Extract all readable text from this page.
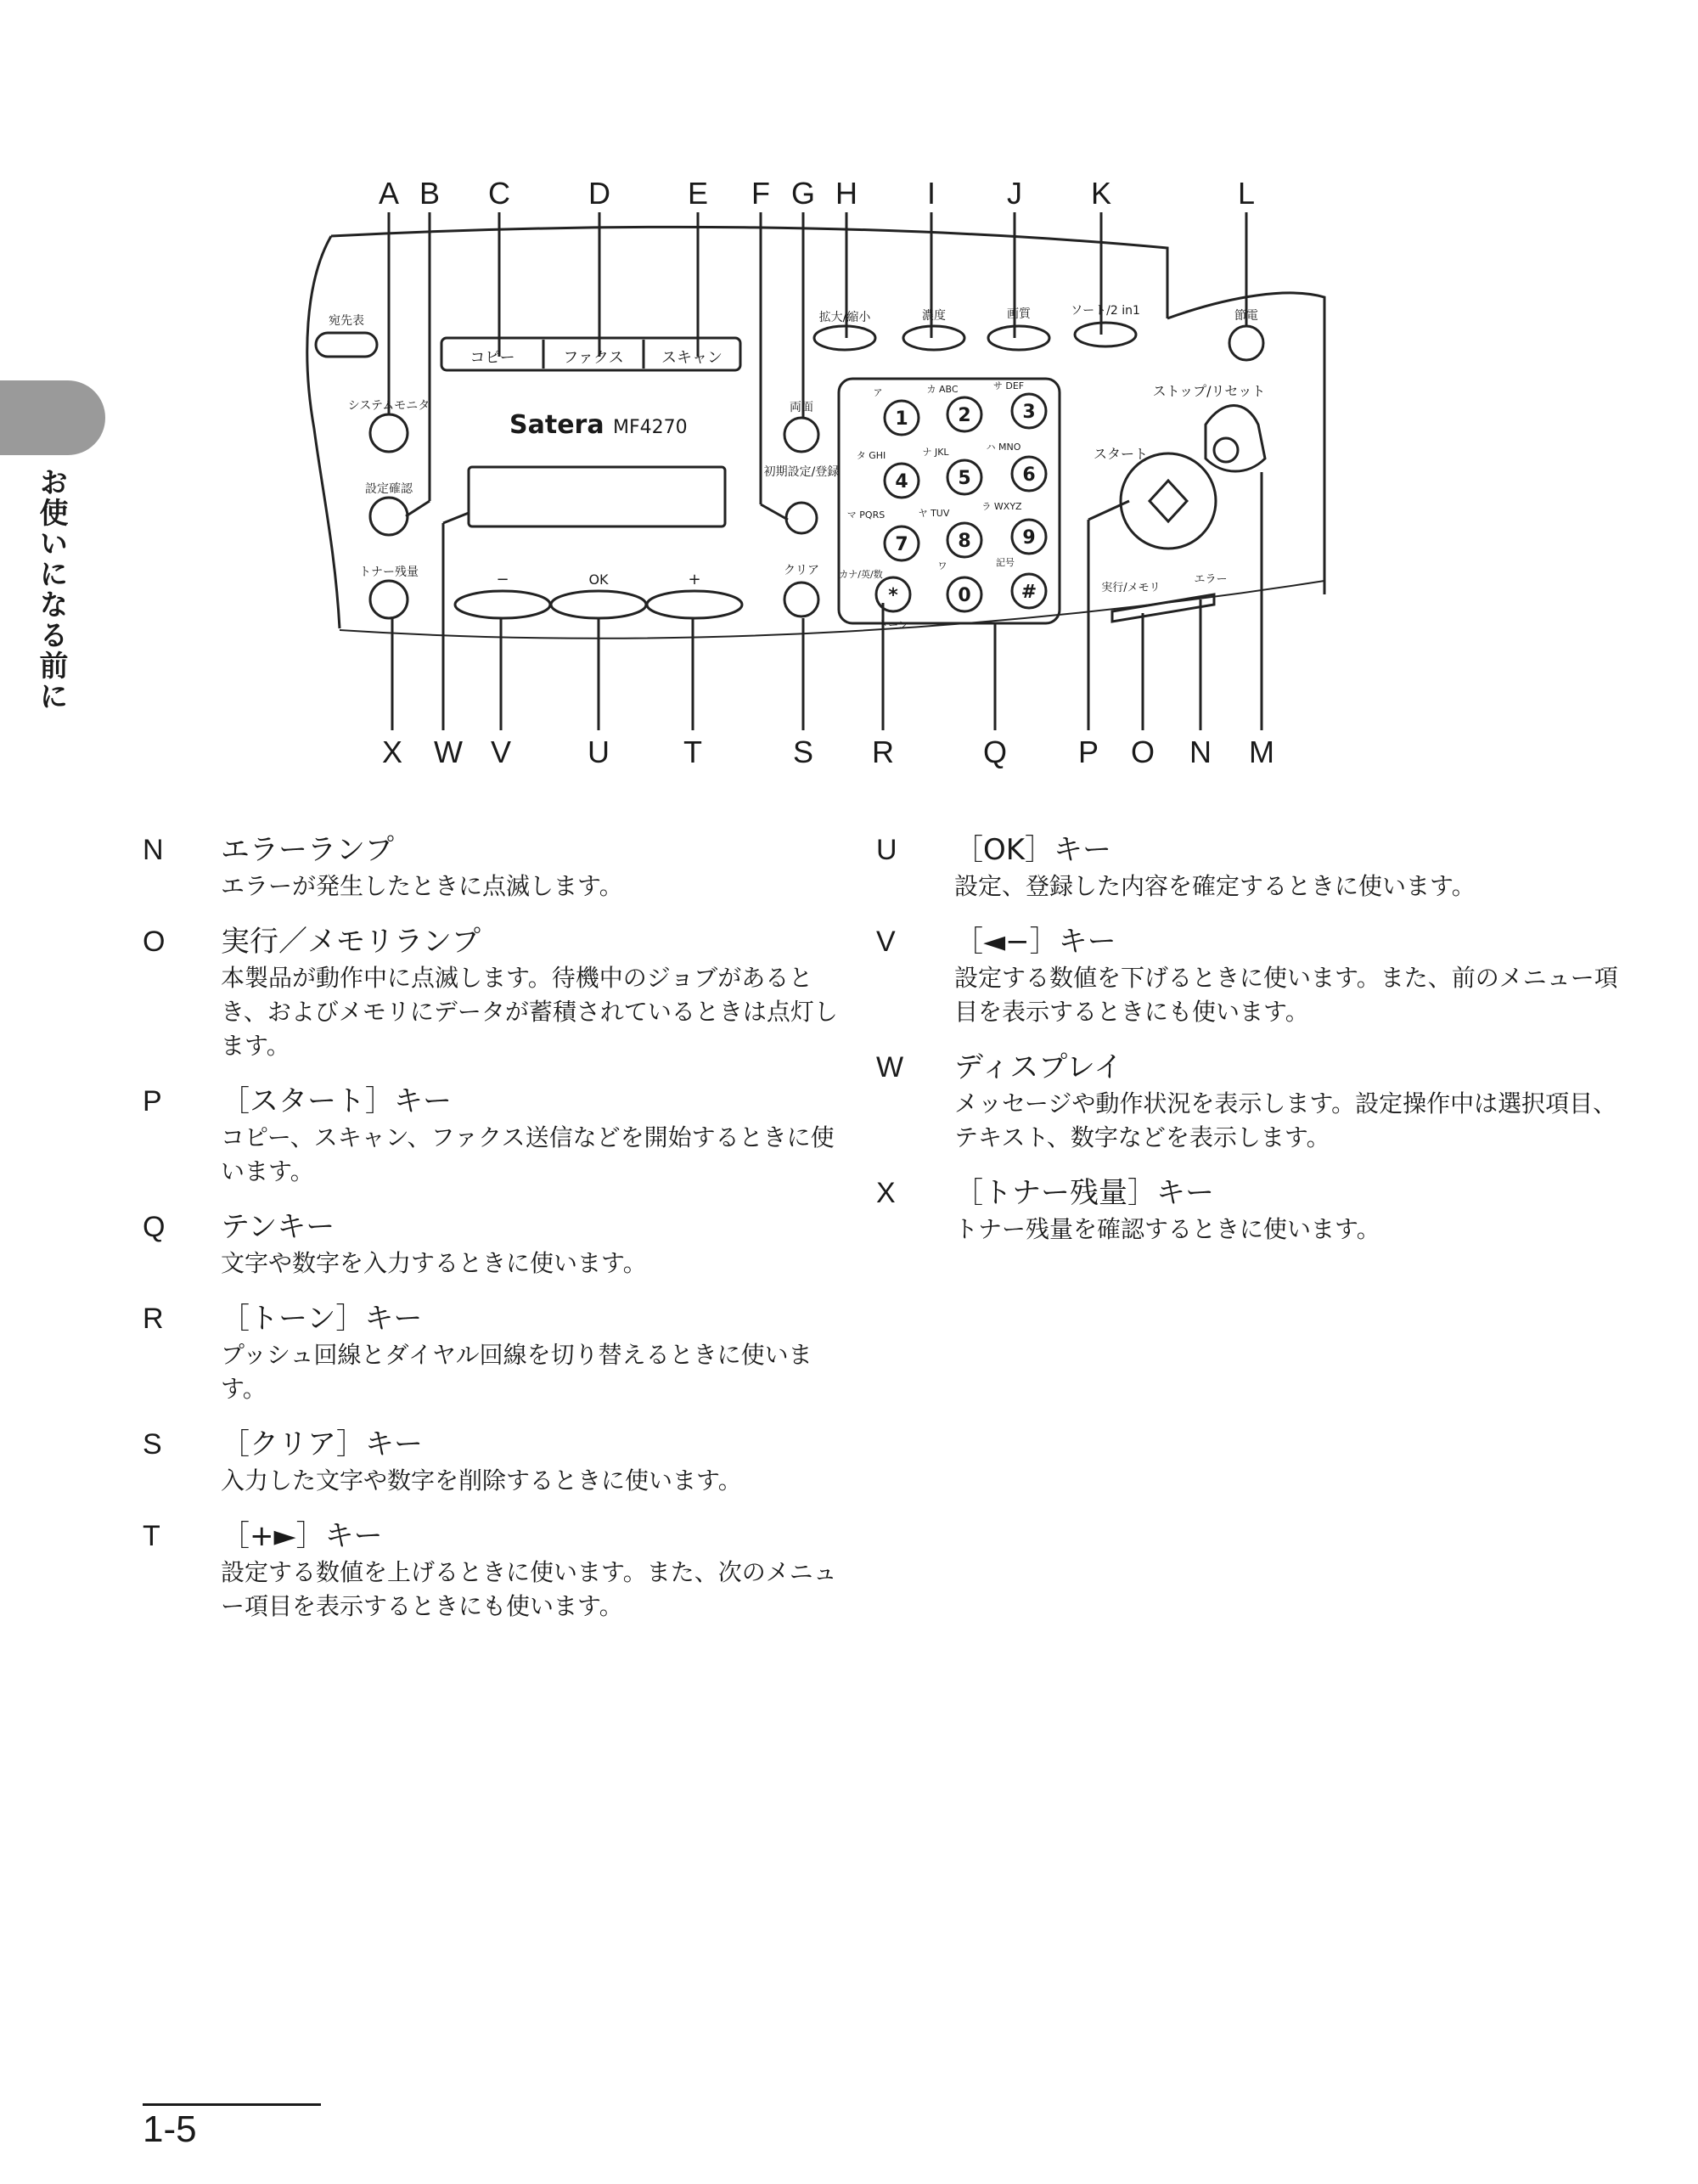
お使いになる前に
A B C	D	E F G H I J K	L
X W V U T	S R	Q P O N M
Satera MF4270
コピー	ファクス スキャン
宛先表
システムモニタ
設定確認
トナー残量
拡大/縮小	濃度	画質	ソート/2 in1	節電
−	OK	+
両面
初期設定/登録
クリア カナ/英/数
トーン
スタート
ストップ/リセット
実行/メモリ
エラー
1	2	3
4	5	6
7	8	9
*	0	#
ア	カ ABC	サ DEF
タ GHI	ナ JKL	ハ MNO
マ PQRS	ヤ TUV
ラ WXYZ
ワ	記号
N エラーランプ
エラーが発生したときに点滅します。
O 実行／メモリランプ
本製品が動作中に点滅します。待機中のジョブがあるとき、およびメモリにデータが蓄積されているときは点灯します。
P ［スタート］キー
コピー、スキャン、ファクス送信などを開始するときに使います。
Q テンキー
文字や数字を入力するときに使います。
R ［トーン］キー
プッシュ回線とダイヤル回線を切り替えるときに使います。
S ［クリア］キー
入力した文字や数字を削除するときに使います。
T ［+►］キー
設定する数値を上げるときに使います。また、次のメニュー項目を表示するときにも使います。
U ［OK］キー
設定、登録した内容を確定するときに使います。
V ［◄−］キー
設定する数値を下げるときに使います。また、前のメニュー項目を表示するときにも使います。
W ディスプレイ
メッセージや動作状況を表示します。設定操作中は選択項目、テキスト、数字などを表示します。
X ［トナー残量］キー
トナー残量を確認するときに使います。
1-5
